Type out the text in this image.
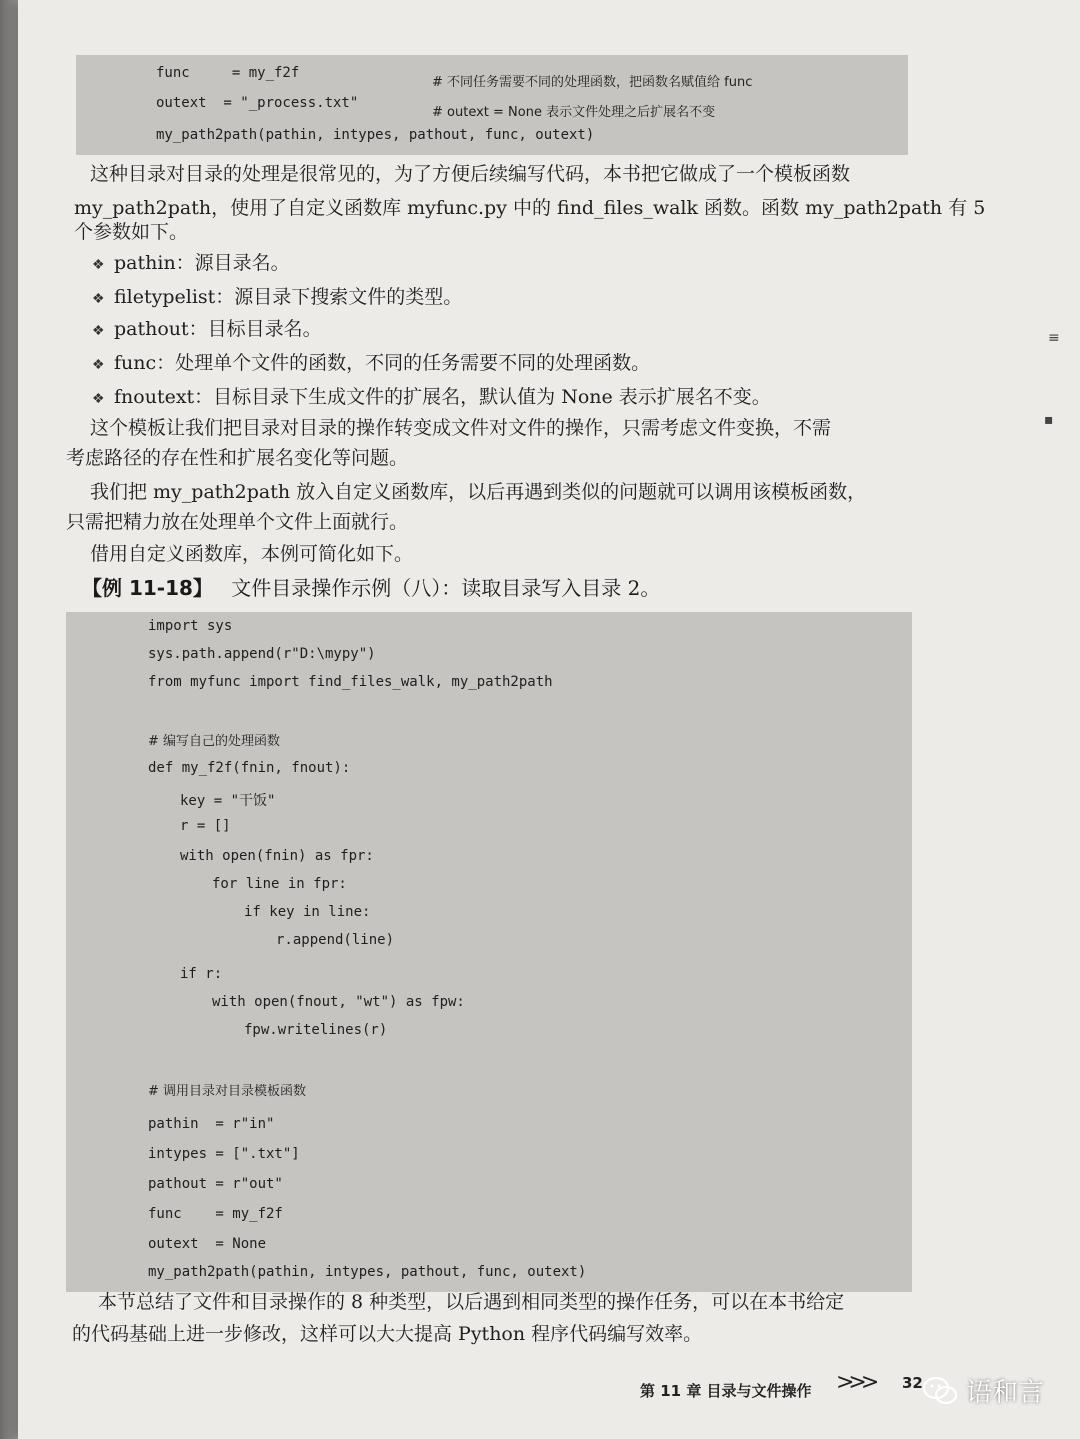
func     = my_f2f
# 不同任务需要不同的处理函数，把函数名赋值给 func
outext  = "_process.txt"
# outext = None 表示文件处理之后扩展名不变
my_path2path(pathin, intypes, pathout, func, outext)
这种目录对目录的处理是很常见的，为了方便后续编写代码，本书把它做成了一个模板函数
my_path2path，使用了自定义函数库 myfunc.py 中的 find_files_walk 函数。函数 my_path2path 有 5
个参数如下。
❖ pathin：源目录名。
❖ filetypelist：源目录下搜索文件的类型。
❖ pathout：目标目录名。
❖ func：处理单个文件的函数，不同的任务需要不同的处理函数。
❖ fnoutext：目标目录下生成文件的扩展名，默认值为 None 表示扩展名不变。
这个模板让我们把目录对目录的操作转变成文件对文件的操作，只需考虑文件变换，不需
考虑路径的存在性和扩展名变化等问题。
我们把 my_path2path 放入自定义函数库，以后再遇到类似的问题就可以调用该模板函数，
只需把精力放在处理单个文件上面就行。
借用自定义函数库，本例可简化如下。
【例 11-18】 文件目录操作示例（八）：读取目录写入目录 2。
import sys
sys.path.append(r"D:\mypy")
from myfunc import find_files_walk, my_path2path
# 编写自己的处理函数
def my_f2f(fnin, fnout):
key = "干饭"
r = []
with open(fnin) as fpr:
for line in fpr:
if key in line:
r.append(line)
if r:
with open(fnout, "wt") as fpw:
fpw.writelines(r)
# 调用目录对目录模板函数
pathin  = r"in"
intypes = [".txt"]
pathout = r"out"
func    = my_f2f
outext  = None
my_path2path(pathin, intypes, pathout, func, outext)
本节总结了文件和目录操作的 8 种类型，以后遇到相同类型的操作任务，可以在本书给定
的代码基础上进一步修改，这样可以大大提高 Python 程序代码编写效率。
第 11 章 目录与文件操作 >>> 32
≡
▪
语和言
